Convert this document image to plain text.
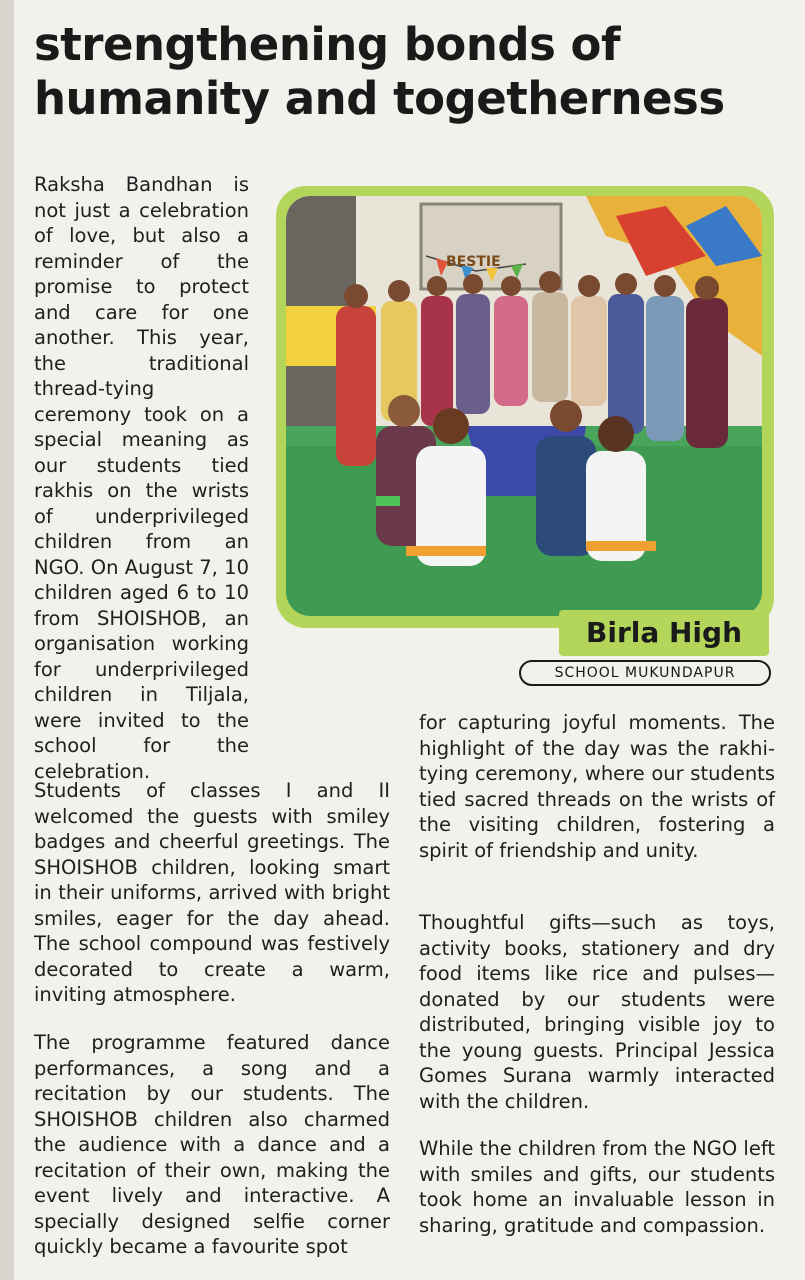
strengthening bonds of humanity and togetherness

Raksha Bandhan is not just a celebration of love, but also a reminder of the promise to protect and care for one another. This year, the traditional thread-tying ceremony took on a special meaning as our students tied rakhis on the wrists of underprivileged children from an NGO. On August 7, 10 children aged 6 to 10 from SHOISHOB, an organisation working for underprivileged children in Tiljala, were invited to the school for the celebration.

BESTIE
Birla High
SCHOOL MUKUNDAPUR

Students of classes I and II welcomed the guests with smiley badges and cheerful greetings. The SHOISHOB children, looking smart in their uniforms, arrived with bright smiles, eager for the day ahead. The school compound was festively decorated to create a warm, inviting atmosphere.

The programme featured dance performances, a song and a recitation by our students. The SHOISHOB children also charmed the audience with a dance and a recitation of their own, making the event lively and interactive. A specially designed selfie corner quickly became a favourite spot

for capturing joyful moments. The highlight of the day was the rakhi-tying ceremony, where our students tied sacred threads on the wrists of the visiting children, fostering a spirit of friendship and unity.

Thoughtful gifts—such as toys, activity books, stationery and dry food items like rice and pulses—donated by our students were distributed, bringing visible joy to the young guests. Principal Jessica Gomes Surana warmly interacted with the children.

While the children from the NGO left with smiles and gifts, our students took home an invaluable lesson in sharing, gratitude and compassion.
